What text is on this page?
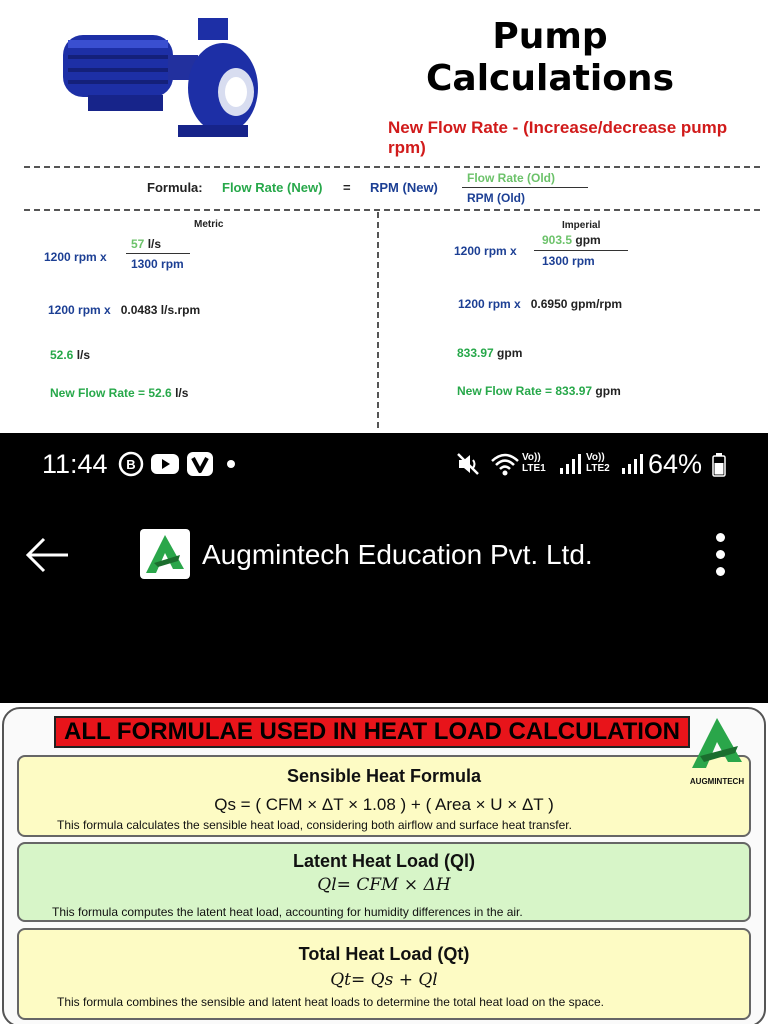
Pump
Calculations
New Flow Rate - (Increase/decrease pump rpm)
Formula: Flow Rate (New) = RPM (New)
Flow Rate (Old)
RPM (Old)
Metric
1200 rpm x
57 l/s
1300 rpm
1200 rpm x 0.0483 l/s.rpm
52.6 l/s
New Flow Rate = 52.6 l/s
Imperial
1200 rpm x
903.5 gpm
1300 rpm
1200 rpm x 0.6950 gpm/rpm
833.97 gpm
New Flow Rate = 833.97 gpm
11:44 B	Vo)) LTE1
Vo)) LTE2	64%
Augmintech Education Pvt. Ltd.
ALL FORMULAE USED IN HEAT LOAD CALCULATION
Sensible Heat Formula
Qs = ( CFM × ΔT × 1.08 ) + ( Area × U × ΔT )
This formula calculates the sensible heat load, considering both airflow and surface heat transfer.
Latent Heat Load (Ql)
Ql= CFM × ΔH
This formula computes the latent heat load, accounting for humidity differences in the air.
Total Heat Load (Qt)
Qt= Qs + Ql
This formula combines the sensible and latent heat loads to determine the total heat load on the space.
AUGMINTECH
